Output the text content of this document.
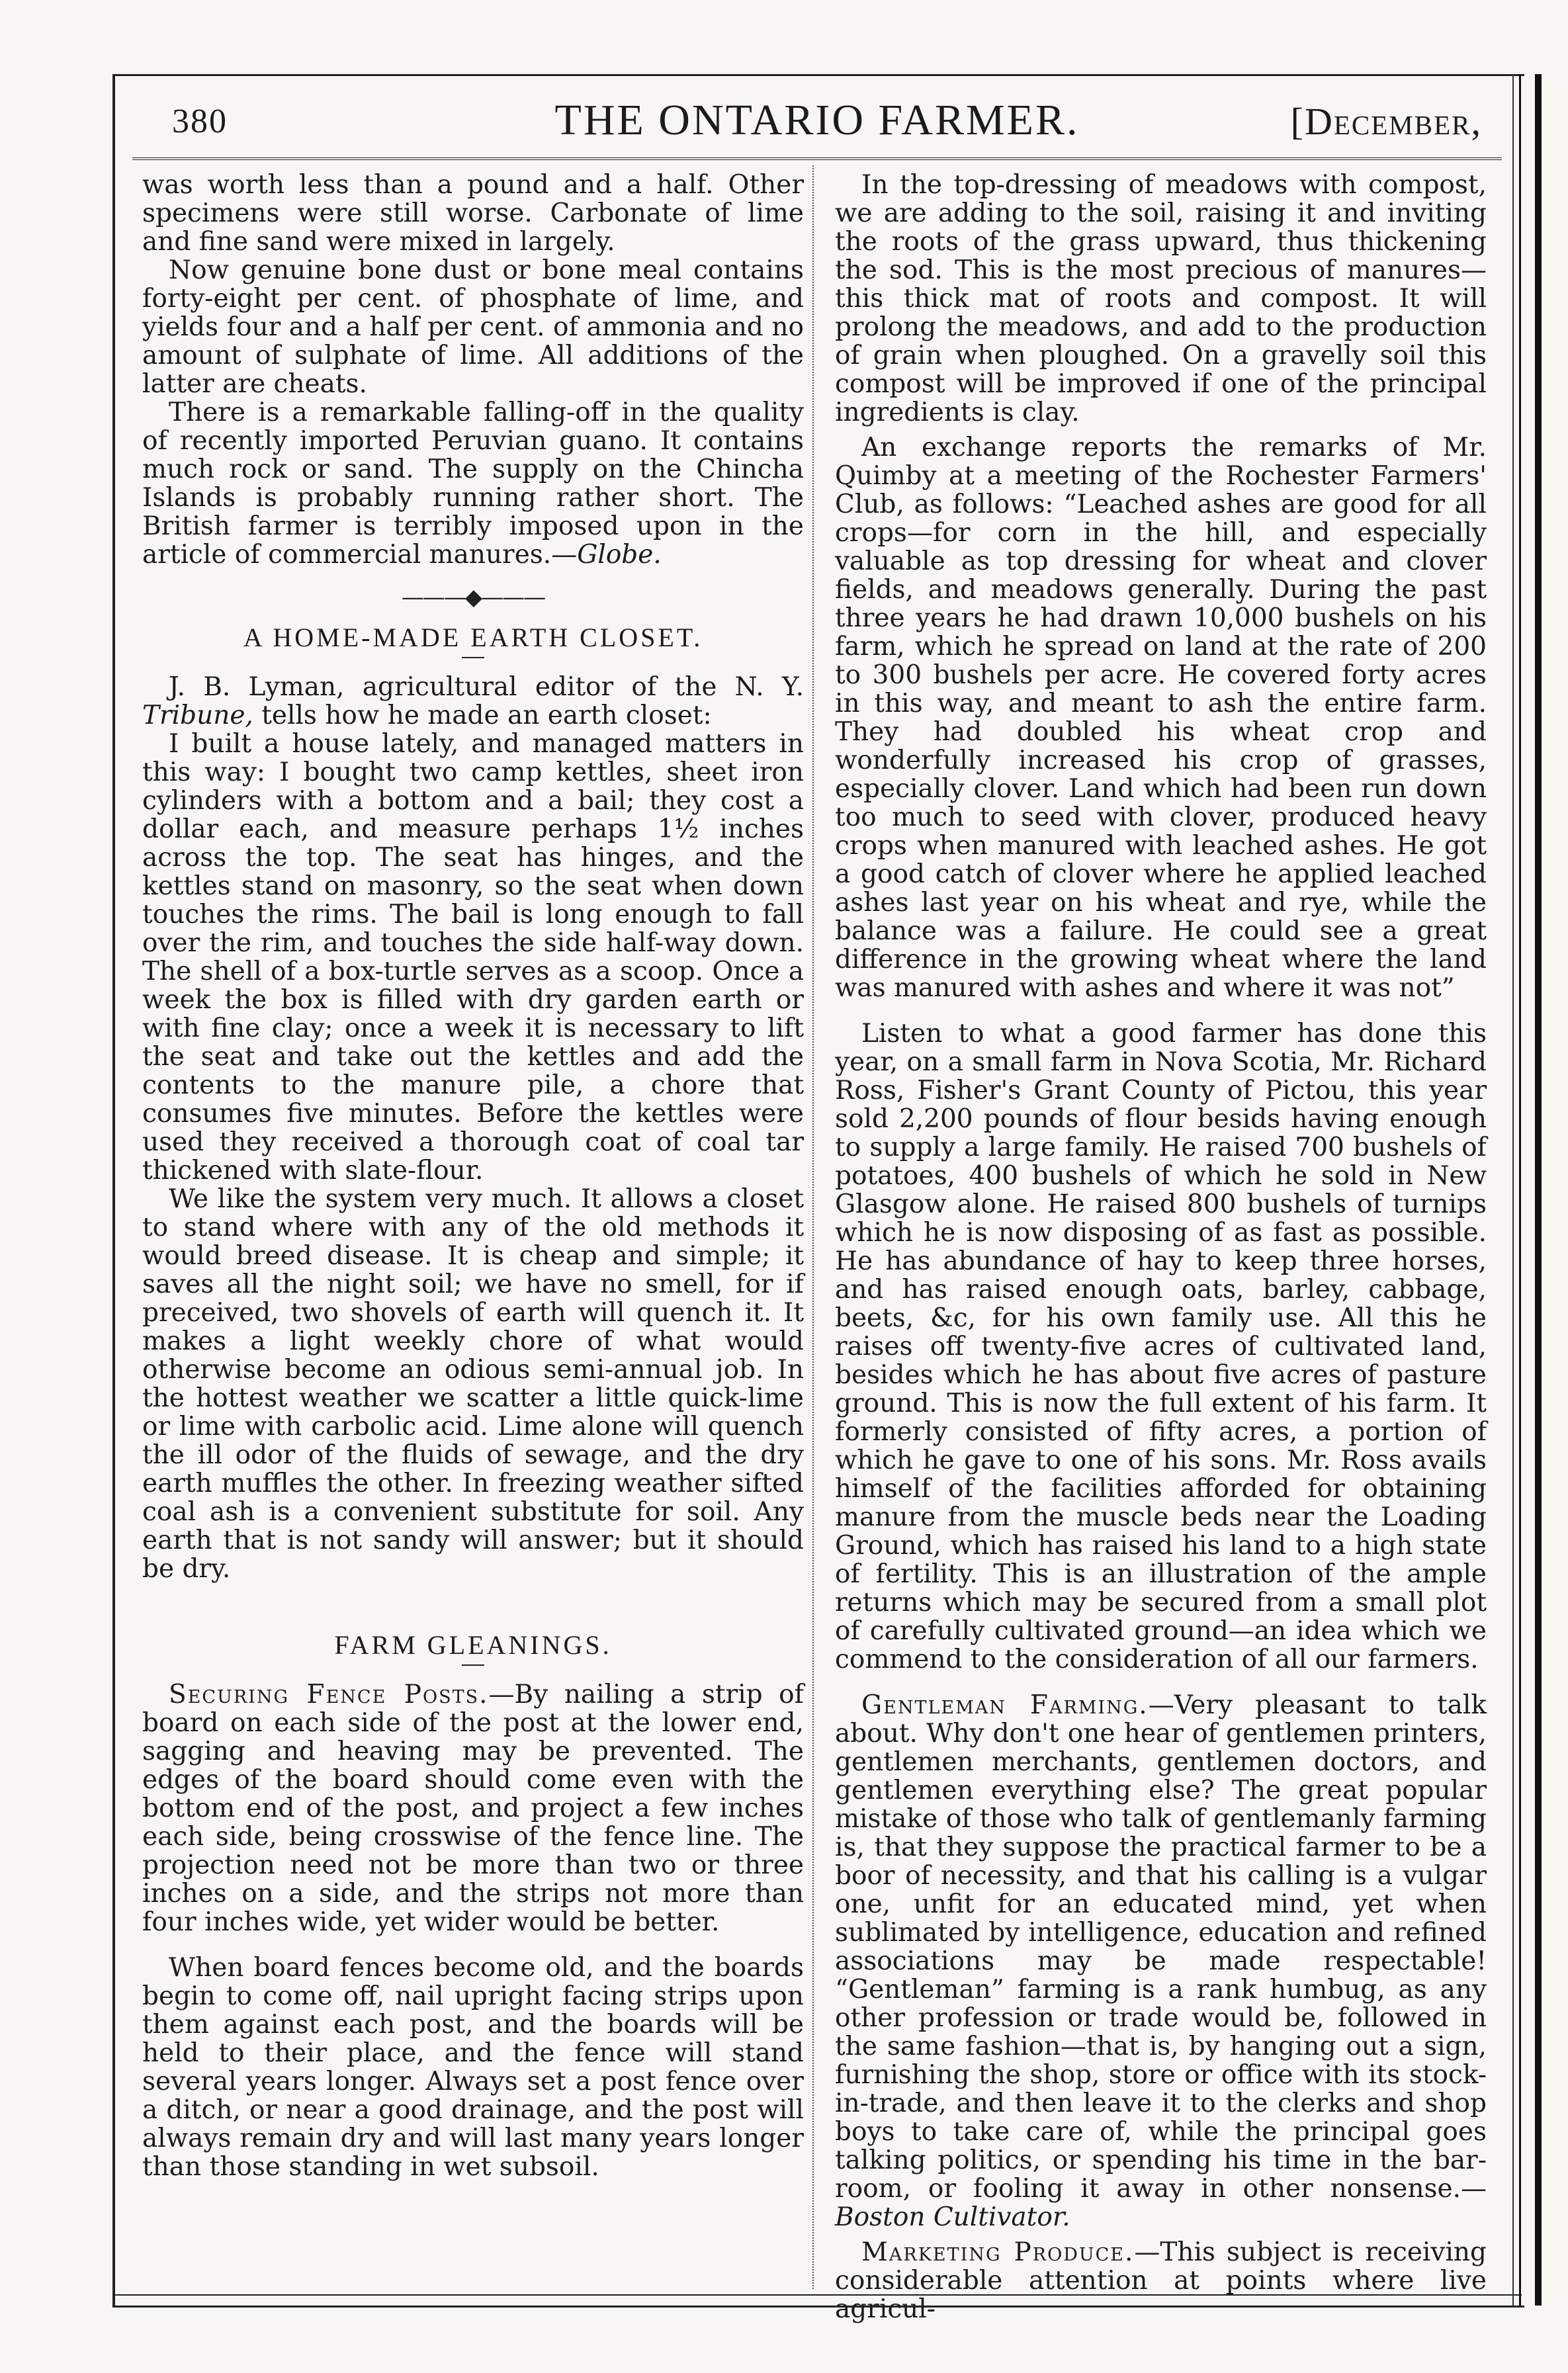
380	THE ONTARIO FARMER.	[December,

was worth less than a pound and a half. Other specimens were still worse. Carbonate of lime and fine sand were mixed in largely.

Now genuine bone dust or bone meal contains forty-eight per cent. of phosphate of lime, and yields four and a half per cent. of ammonia and no amount of sulphate of lime. All additions of the latter are cheats.

There is a remarkable falling-off in the quality of recently imported Peruvian guano. It contains much rock or sand. The supply on the Chincha Islands is probably running rather short. The British farmer is terribly imposed upon in the article of commercial manures.—Globe.

———◆———
A HOME-MADE EARTH CLOSET.

J. B. Lyman, agricultural editor of the N. Y. Tribune, tells how he made an earth closet:

I built a house lately, and managed matters in this way: I bought two camp kettles, sheet iron cylinders with a bottom and a bail; they cost a dollar each, and measure perhaps 1½ inches across the top. The seat has hinges, and the kettles stand on masonry, so the seat when down touches the rims. The bail is long enough to fall over the rim, and touches the side half-way down. The shell of a box-turtle serves as a scoop. Once a week the box is filled with dry garden earth or with fine clay; once a week it is necessary to lift the seat and take out the kettles and add the contents to the manure pile, a chore that consumes five minutes. Before the kettles were used they received a thorough coat of coal tar thickened with slate-flour.

We like the system very much. It allows a closet to stand where with any of the old methods it would breed disease. It is cheap and simple; it saves all the night soil; we have no smell, for if preceived, two shovels of earth will quench it. It makes a light weekly chore of what would otherwise become an odious semi-annual job. In the hottest weather we scatter a little quick-lime or lime with carbolic acid. Lime alone will quench the ill odor of the fluids of sewage, and the dry earth muffles the other. In freezing weather sifted coal ash is a convenient substitute for soil. Any earth that is not sandy will answer; but it should be dry.

FARM GLEANINGS.

Securing Fence Posts.—By nailing a strip of board on each side of the post at the lower end, sagging and heaving may be prevented. The edges of the board should come even with the bottom end of the post, and project a few inches each side, being crosswise of the fence line. The projection need not be more than two or three inches on a side, and the strips not more than four inches wide, yet wider would be better.

When board fences become old, and the boards begin to come off, nail upright facing strips upon them against each post, and the boards will be held to their place, and the fence will stand several years longer. Always set a post fence over a ditch, or near a good drainage, and the post will always remain dry and will last many years longer than those standing in wet subsoil.

In the top-dressing of meadows with compost, we are adding to the soil, raising it and inviting the roots of the grass upward, thus thickening the sod. This is the most precious of manures—this thick mat of roots and compost. It will prolong the meadows, and add to the production of grain when ploughed. On a gravelly soil this compost will be improved if one of the principal ingredients is clay.

An exchange reports the remarks of Mr. Quimby at a meeting of the Rochester Farmers' Club, as follows: “Leached ashes are good for all crops—for corn in the hill, and especially valuable as top dressing for wheat and clover fields, and meadows generally. During the past three years he had drawn 10,000 bushels on his farm, which he spread on land at the rate of 200 to 300 bushels per acre. He covered forty acres in this way, and meant to ash the entire farm. They had doubled his wheat crop and wonderfully increased his crop of grasses, especially clover. Land which had been run down too much to seed with clover, produced heavy crops when manured with leached ashes. He got a good catch of clover where he applied leached ashes last year on his wheat and rye, while the balance was a failure. He could see a great difference in the growing wheat where the land was manured with ashes and where it was not”

Listen to what a good farmer has done this year, on a small farm in Nova Scotia, Mr. Richard Ross, Fisher's Grant County of Pictou, this year sold 2,200 pounds of flour besids having enough to supply a large family. He raised 700 bushels of potatoes, 400 bushels of which he sold in New Glasgow alone. He raised 800 bushels of turnips which he is now disposing of as fast as possible. He has abundance of hay to keep three horses, and has raised enough oats, barley, cabbage, beets, &c, for his own family use. All this he raises off twenty-five acres of cultivated land, besides which he has about five acres of pasture ground. This is now the full extent of his farm. It formerly consisted of fifty acres, a portion of which he gave to one of his sons. Mr. Ross avails himself of the facilities afforded for obtaining manure from the muscle beds near the Loading Ground, which has raised his land to a high state of fertility. This is an illustration of the ample returns which may be secured from a small plot of carefully cultivated ground—an idea which we commend to the consideration of all our farmers.

Gentleman Farming.—Very pleasant to talk about. Why don't one hear of gentlemen printers, gentlemen merchants, gentlemen doctors, and gentlemen everything else? The great popular mistake of those who talk of gentlemanly farming is, that they suppose the practical farmer to be a boor of necessity, and that his calling is a vulgar one, unfit for an educated mind, yet when sublimated by intelligence, education and refined associations may be made respectable! “Gentleman” farming is a rank humbug, as any other profession or trade would be, followed in the same fashion—that is, by hanging out a sign, furnishing the shop, store or office with its stock-in-trade, and then leave it to the clerks and shop boys to take care of, while the principal goes talking politics, or spending his time in the bar-room, or fooling it away in other nonsense.—Boston Cultivator.

Marketing Produce.—This subject is receiving considerable attention at points where live agricul-
